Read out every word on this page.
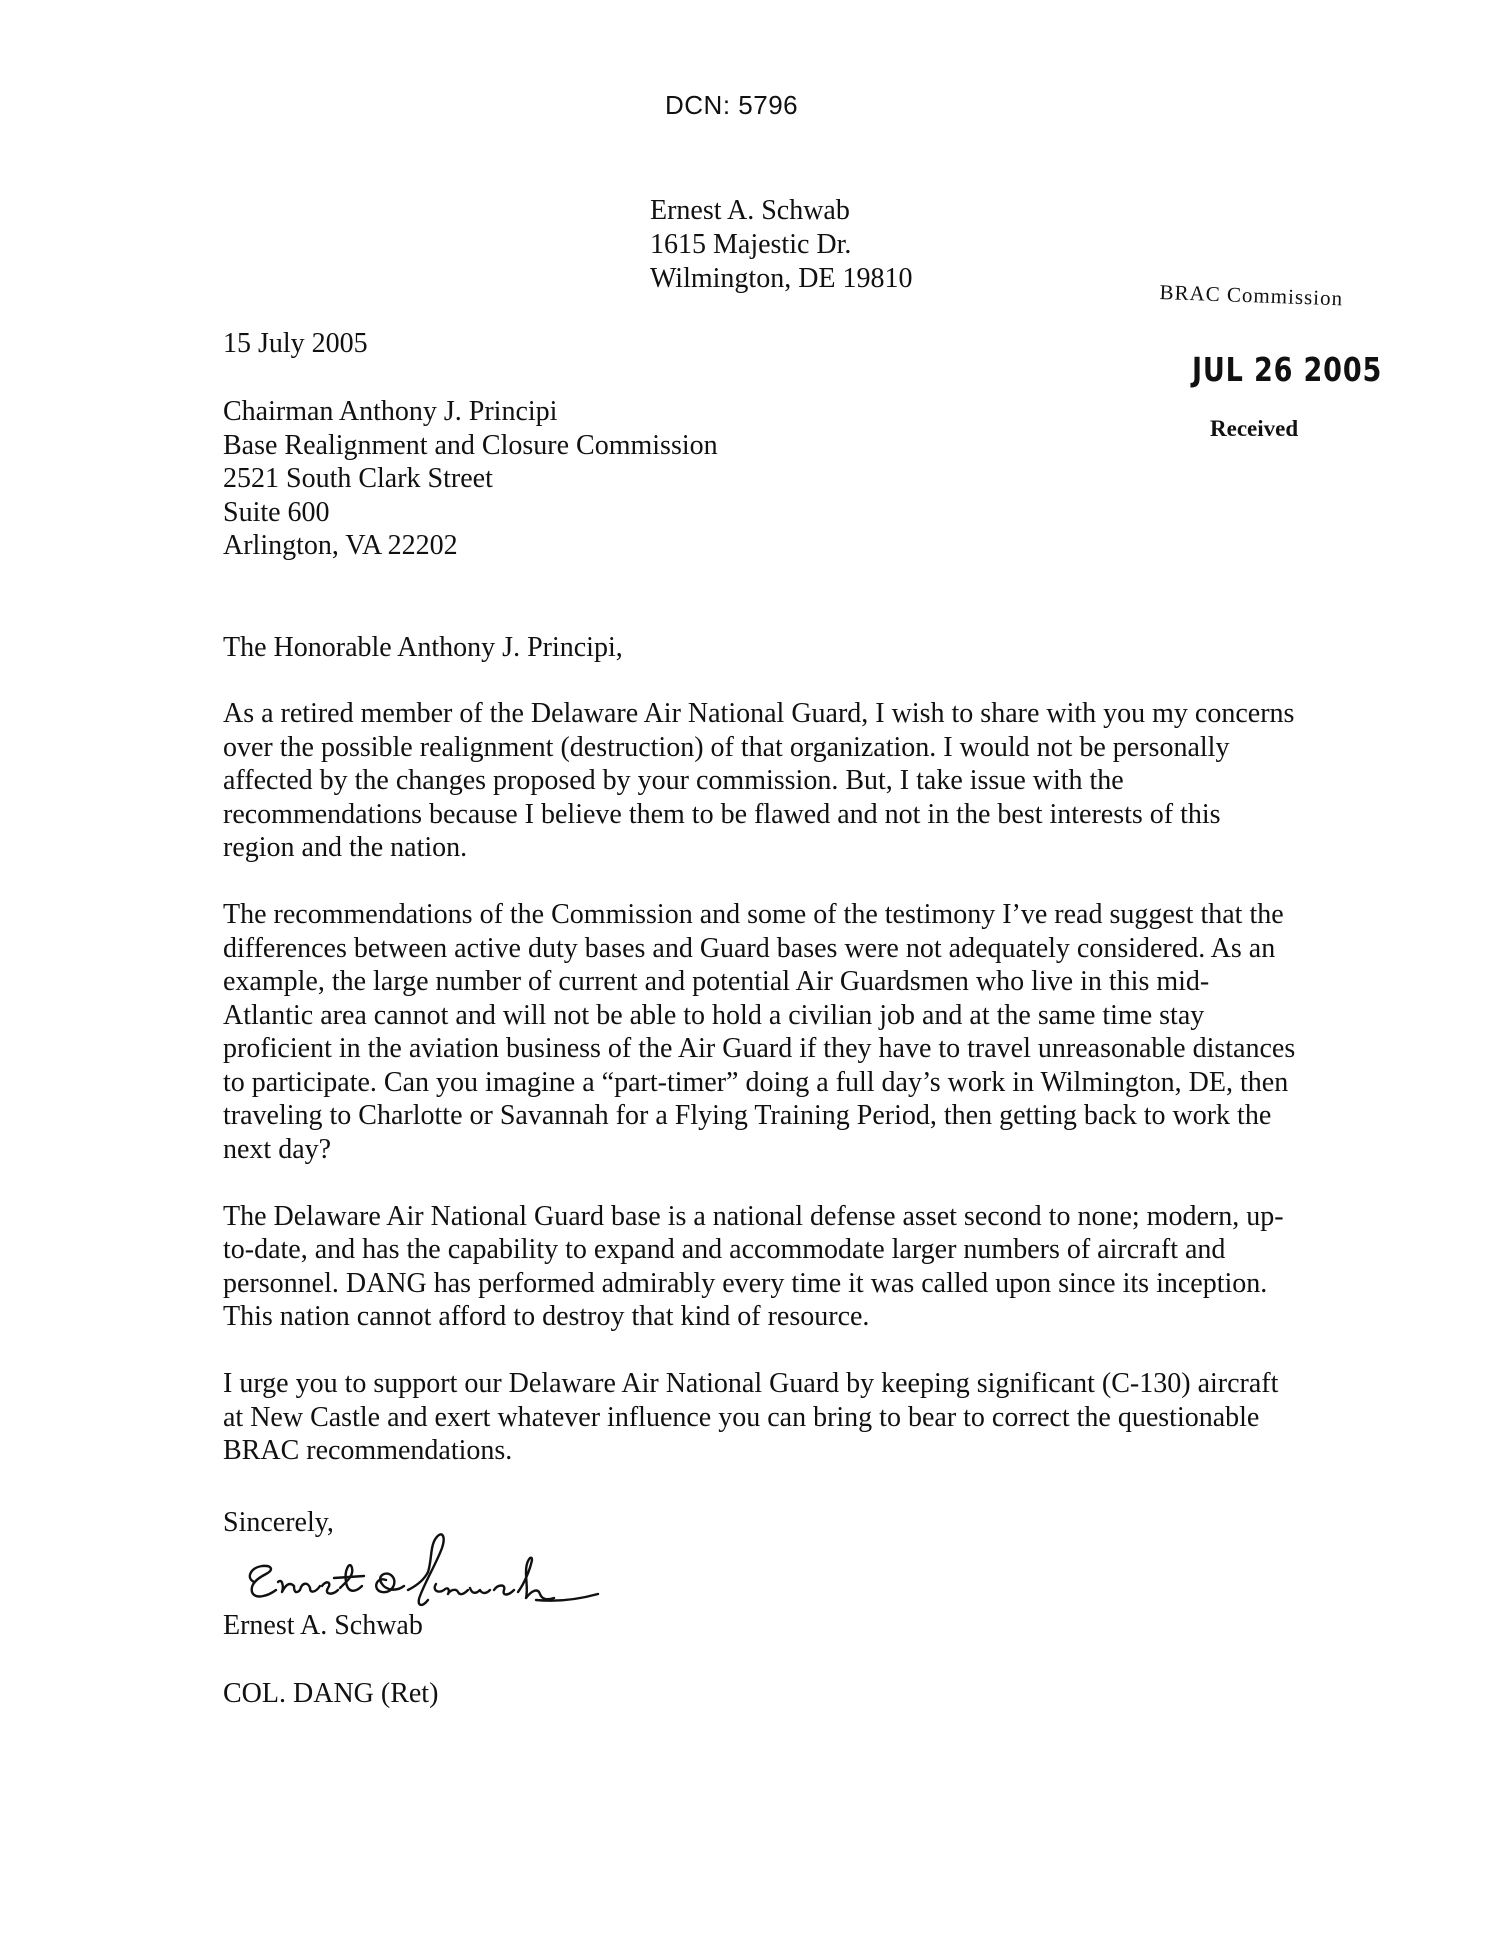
DCN: 5796
Ernest A. Schwab
1615 Majestic Dr.
Wilmington, DE 19810
BRAC Commission
JUL 26 2005
Received
15 July 2005
Chairman Anthony J. Principi
Base Realignment and Closure Commission
2521 South Clark Street
Suite 600
Arlington, VA 22202
The Honorable Anthony J. Principi,

As a retired member of the Delaware Air National Guard, I wish to share with you my concerns over the possible realignment (destruction) of that organization. I would not be personally affected by the changes proposed by your commission. But, I take issue with the recommendations because I believe them to be flawed and not in the best interests of this region and the nation.

The recommendations of the Commission and some of the testimony I’ve read suggest that the differences between active duty bases and Guard bases were not adequately considered. As an example, the large number of current and potential Air Guardsmen who live in this mid-Atlantic area cannot and will not be able to hold a civilian job and at the same time stay proficient in the aviation business of the Air Guard if they have to travel unreasonable distances to participate. Can you imagine a “part-timer” doing a full day’s work in Wilmington, DE, then traveling to Charlotte or Savannah for a Flying Training Period, then getting back to work the next day?

The Delaware Air National Guard base is a national defense asset second to none; modern, up-to-date, and has the capability to expand and accommodate larger numbers of aircraft and personnel. DANG has performed admirably every time it was called upon since its inception. This nation cannot afford to destroy that kind of resource.

I urge you to support our Delaware Air National Guard by keeping significant (C-130) aircraft at New Castle and exert whatever influence you can bring to bear to correct the questionable BRAC recommendations.

Sincerely,
Ernest A. Schwab
COL. DANG (Ret)
